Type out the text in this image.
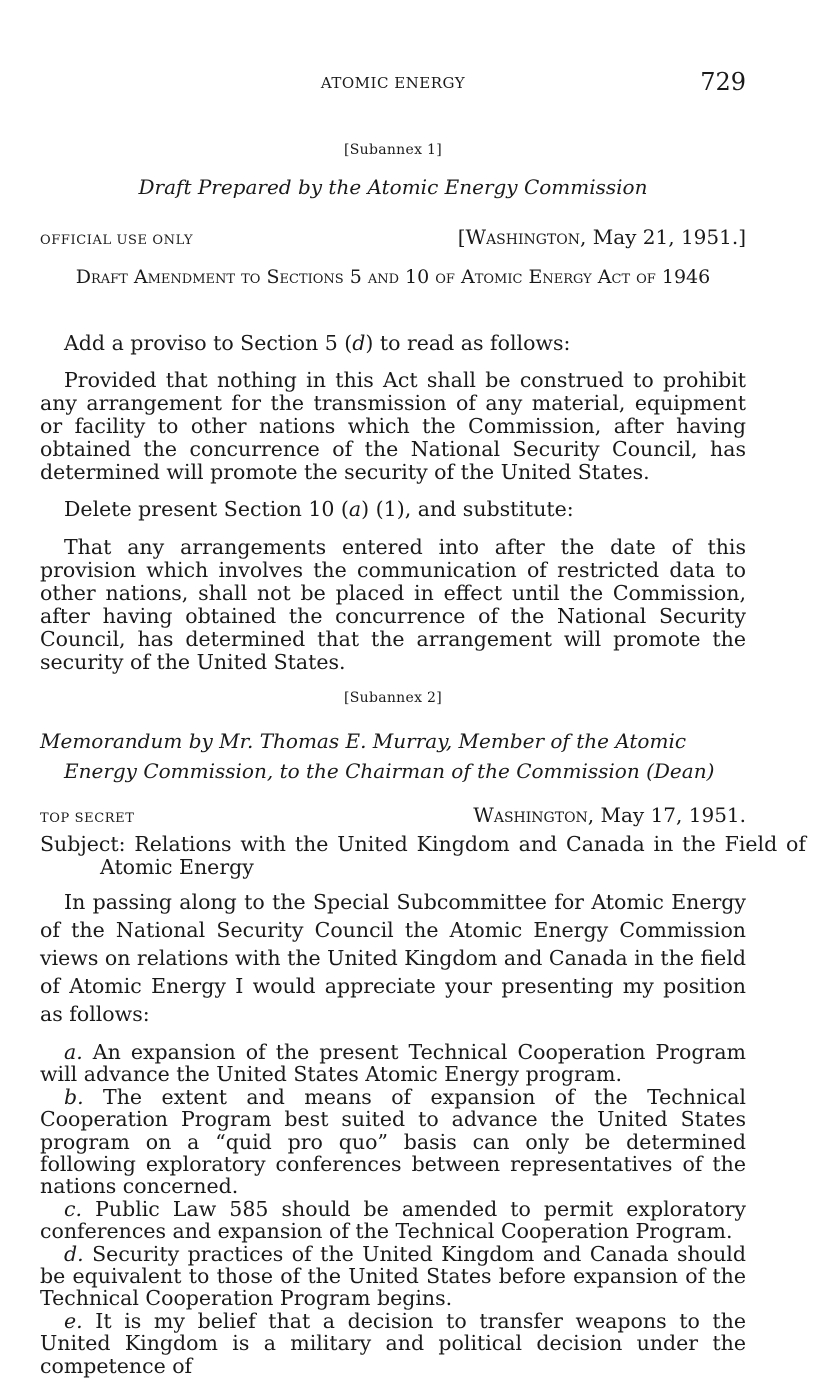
ATOMIC ENERGY	729
[Subannex 1]
Draft Prepared by the Atomic Energy Commission
OFFICIAL USE ONLY	[Washington, May 21, 1951.]
Draft Amendment to Sections 5 and 10 of Atomic Energy Act of 1946

Add a proviso to Section 5 (d) to read as follows:

Provided that nothing in this Act shall be construed to prohibit any arrangement for the transmission of any material, equipment or facility to other nations which the Commission, after having obtained the concurrence of the National Security Council, has determined will promote the security of the United States.

Delete present Section 10 (a) (1), and substitute:

That any arrangements entered into after the date of this provision which involves the communication of restricted data to other nations, shall not be placed in effect until the Commission, after having obtained the concurrence of the National Security Council, has determined that the arrangement will promote the security of the United States.

[Subannex 2]
Memorandum by Mr. Thomas E. Murray, Member of the Atomic
Energy Commission, to the Chairman of the Commission (Dean)
TOP SECRET	Washington, May 17, 1951.

Subject: Relations with the United Kingdom and Canada in the Field of Atomic Energy

In passing along to the Special Subcommittee for Atomic Energy of the National Security Council the Atomic Energy Commission views on relations with the United Kingdom and Canada in the field of Atomic Energy I would appreciate your presenting my position as follows:

a. An expansion of the present Technical Cooperation Program will advance the United States Atomic Energy program.

b. The extent and means of expansion of the Technical Cooperation Program best suited to advance the United States program on a “quid pro quo” basis can only be determined following exploratory conferences between representatives of the nations concerned.

c. Public Law 585 should be amended to permit exploratory conferences and expansion of the Technical Cooperation Program.

d. Security practices of the United Kingdom and Canada should be equivalent to those of the United States before expansion of the Technical Cooperation Program begins.

e. It is my belief that a decision to transfer weapons to the United Kingdom is a military and political decision under the competence of
